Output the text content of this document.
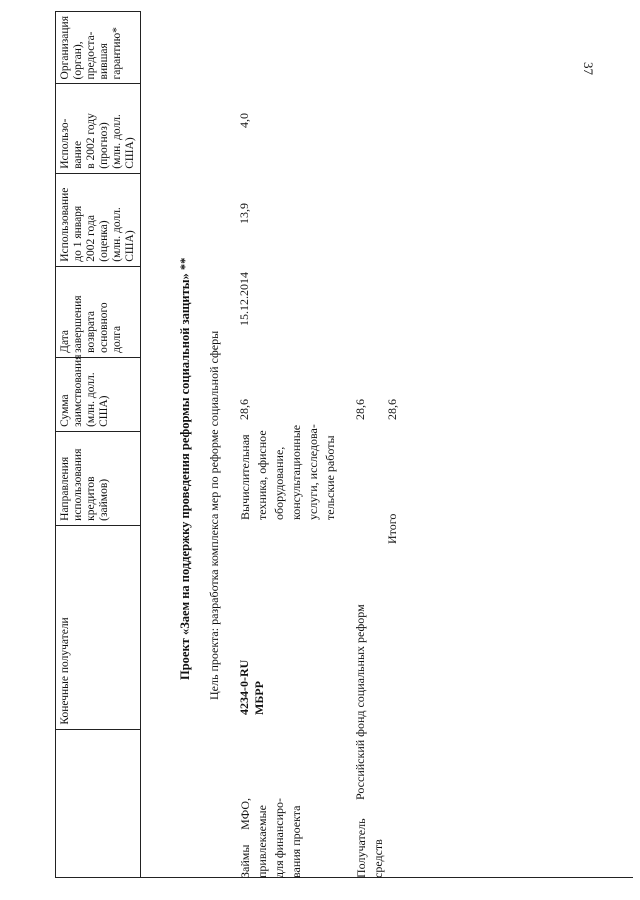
37
Конечные получатели
Направления использования кредитов (займов)
Сумма заимствования (млн. долл. США)
Дата завершения возврата основного долга
Использование до 1 января 2002 года (оценка) (млн. долл. США)
Использо- вание в 2002 году (прогноз) (млн. долл. США)
Организация (орган), предоста- вившая гарантию*
Проект «Заем на поддержку проведения реформы социальной защиты» ** Цель проекта: разработка комплекса мер по реформе социальной сферы
Займы
МФО, привлекаемые для
финансиро- вания проекта
4234-0-RU МБРР
Вычислительная техника, офисное оборудование, консультационные услуги, исследова- тельские работы
28,6
15.12.2014
13,9
4,0
Получатель средств
Российский фонд социальных реформ
28,6
Итого
28,6
